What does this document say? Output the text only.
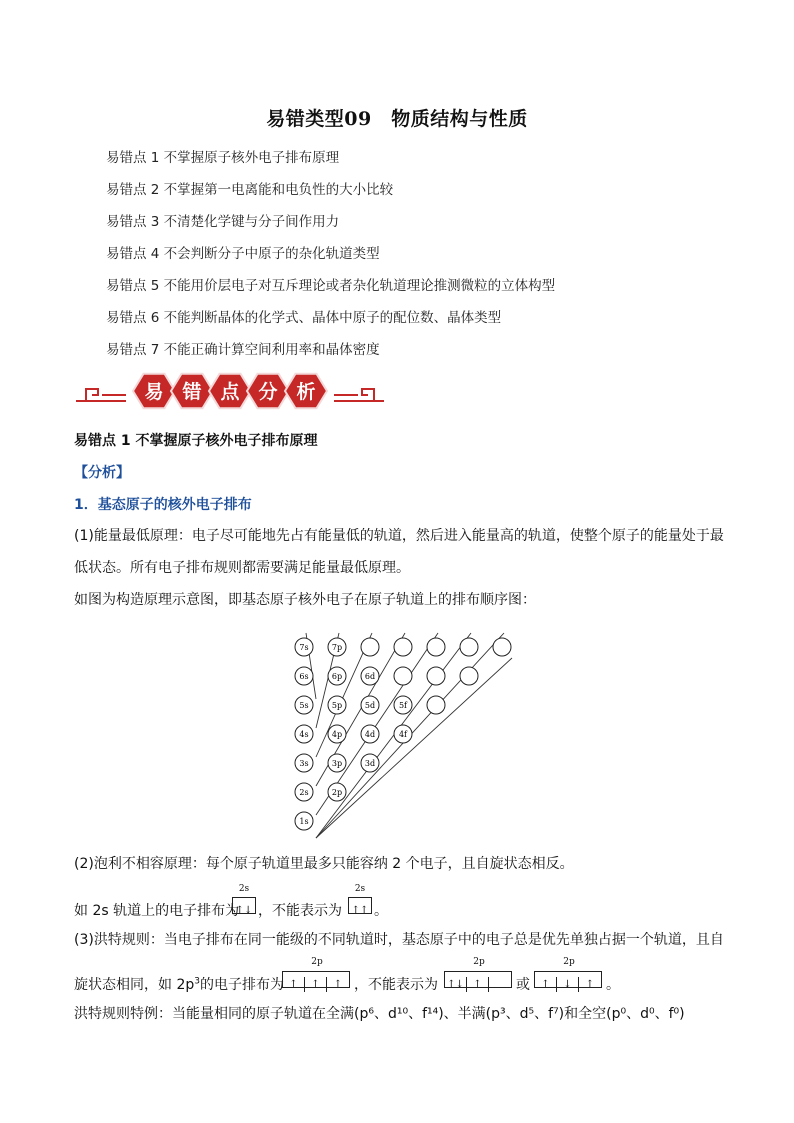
易错类型09　物质结构与性质
易错点 1 不掌握原子核外电子排布原理
易错点 2 不掌握第一电离能和电负性的大小比较
易错点 3 不清楚化学键与分子间作用力
易错点 4 不会判断分子中原子的杂化轨道类型
易错点 5 不能用价层电子对互斥理论或者杂化轨道理论推测微粒的立体构型
易错点 6 不能判断晶体的化学式、晶体中原子的配位数、晶体类型
易错点 7 不能正确计算空间利用率和晶体密度
易 错 点 分 析
易错点 1 不掌握原子核外电子排布原理
【分析】
1．基态原子的核外电子排布
(1)能量最低原理：电子尽可能地先占有能量低的轨道，然后进入能量高的轨道，使整个原子的能量处于最
低状态。所有电子排布规则都需要满足能量最低原理。
如图为构造原理示意图，即基态原子核外电子在原子轨道上的排布顺序图：
7s	7p
6s	6p	6d
5s	5p	5d	5f
4s	4p	4d	4f
3s	3p	3d
2s	2p
1s
(2)泡利不相容原理：每个原子轨道里最多只能容纳 2 个电子，且自旋状态相反。
如 2s 轨道上的电子排布为
2s
↑↓ ，不能表示为
2s
↑↑ 。
(3)洪特规则：当电子排布在同一能级的不同轨道时，基态原子中的电子总是优先单独占据一个轨道，且自
旋状态相同，如 $2p^3$的电子排布为
2p
↑ ↑ ↑ ，不能表示为
2p
↑↓ ↑	或
2p
↑ ↓ ↑ 。
洪特规则特例：当能量相同的原子轨道在全满(p⁶、d¹⁰、f¹⁴)、半满(p³、d⁵、f⁷)和全空(p⁰、d⁰、f⁰)
